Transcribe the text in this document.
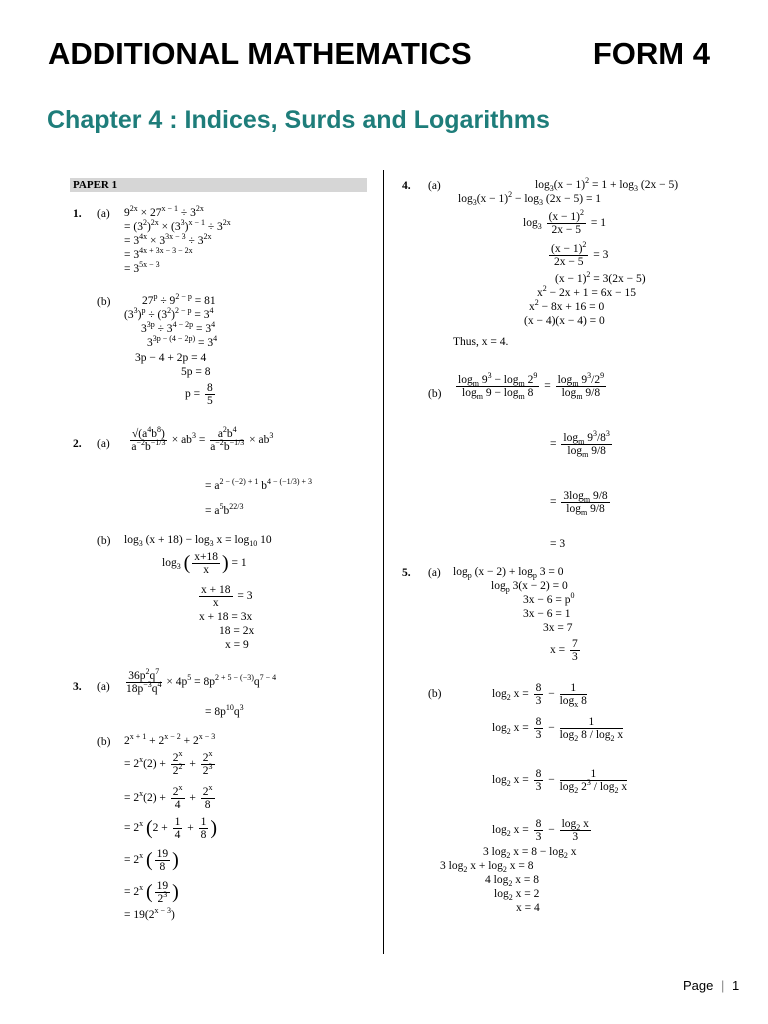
ADDITIONAL MATHEMATICS	FORM 4
Chapter 4 : Indices, Surds and Logarithms
PAPER 1
1. (a) $9^{2x} \times 27^{x - 1} \div 3^{2x}$
= $(3^2)^{2x} \times (3^3)^{x - 1} \div 3^{2x}$
= $3^{4x} \times 3^{3x - 3} \div 3^{2x}$
= $3^{4x + 3x - 3 - 2x}$
= $3^{5x - 3}$
(b)	$27^p \div 9^{2 - p} = 81$
$(3^3)^p \div (3^2)^{2 - p} = 3^4$
$3^{3p} \div 3^{4 - 2p} = 3^4$
$3^{3p - (4 - 2p)} = 3^4$
3p − 4 + 2p = 4
5p = 8
$p = \frac{8}{5}$
2. $(a) \frac{√(a^4b^8)}{a^{-2}b^{-1/3}} \times ab^3 = \frac{a^2b^4}{a^{-2}b^{-1/3}} \times ab^3$
= $a^{2 - (-2) + 1}$ $b^{4 - (-1/3) + 3}$
= $a^5b^{22/3}$
(b) $\log_3 (x + 18) - \log_3 x = \log_{10} 10$
$\log_3$ ( $\frac{x+18}{x}$ ) = 1
$\frac{x + 18}{x} = 3$
x + 18 = 3x
18 = 2x
x = 9
3. $(a) \frac{36p^2q^7}{18p^{-3}q^4} \times 4p^5 = 8p^{2 + 5 - (-3)}q^{7 - 4}$
= $8p^{10}q^3$
(b) $2^{x + 1} + 2^{x - 2} + 2^{x - 3}$
= $2^x(2) + \frac{2^x}{2^2} + \frac{2^x}{2^3}$
= $2^x(2) + \frac{2^x}{4} + \frac{2^x}{8}$
= $2^x$ ($2 + \frac{1}{4} + \frac{1}{8}$ )
= $2^x$ ( $\frac{19}{8}$ )
= $2^x$ ( $\frac{19}{2^3}$ )
= $19(2^{x - 3})$
4. (a)	$\log_3(x - 1)^2 = 1 + \log_3 (2x - 5)$
$\log_3(x - 1)^2 - \log_3 (2x - 5) = 1$
$\log_3 \frac{(x - 1)^2}{2x - 5} = 1$
$\frac{(x - 1)^2}{2x - 5} = 3$
$(x - 1)^2 = 3(2x - 5)$
$x^2 - 2x + 1 = 6x - 15$
$x^2 - 8x + 16 = 0$
(x − 4)(x − 4) = 0
Thus, x = 4.
$(b) \frac{\log_m 9^3 - \log_m 2^9}{\log_m 9 - \log_m 8} = \frac{\log_m 9^3/2^9}{\log_m 9/8}$
= $\frac{\log_m 9^3/8^3}{\log_m 9/8}$
= $\frac{3\log_m 9/8}{\log_m 9/8}$
= 3
5. (a) $\log_p (x - 2) + \log_p 3 = 0$
$\log_p 3(x - 2) = 0$
$3x - 6 = p^0$
3x − 6 = 1
3x = 7
$x = \frac{7}{3}$
(b)	$\log_2 x = \frac{8}{3} - \frac{1}{\log_x 8}$
$\log_2 x = \frac{8}{3} - \frac{1}{\log_2 8 / \log_2 x}$
$\log_2 x = \frac{8}{3} - \frac{1}{\log_2 2^3 / \log_2 x}$
$\log_2 x = \frac{8}{3} - \frac{\log_2 x}{3}$
3 $\log_2 x = 8 - \log_2 x$
3 $\log_2 x + \log_2 x = 8$
4 $\log_2 x = 8$
$\log_2 x = 2$
x = 4
Page | 1
